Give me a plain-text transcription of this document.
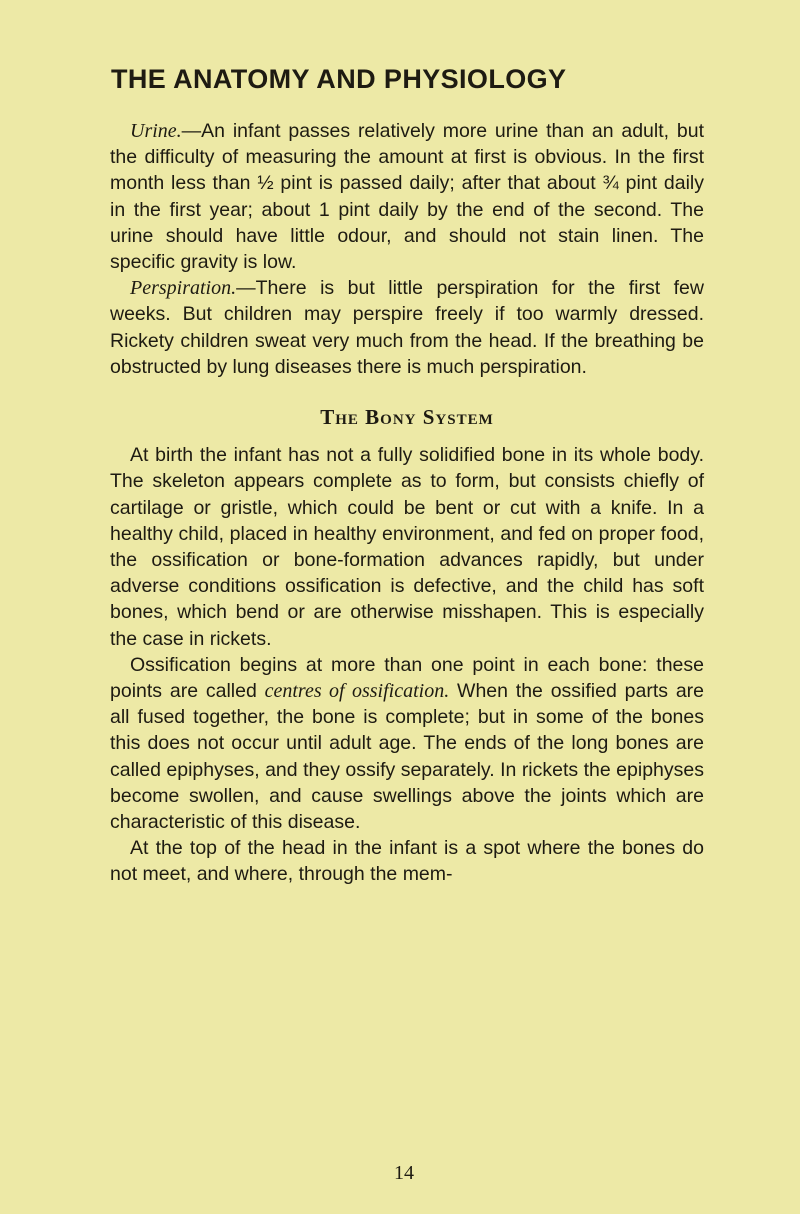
THE ANATOMY AND PHYSIOLOGY

Urine.—An infant passes relatively more urine than an adult, but the difficulty of measuring the amount at first is obvious. In the first month less than ½ pint is passed daily; after that about ¾ pint daily in the first year; about 1 pint daily by the end of the second. The urine should have little odour, and should not stain linen. The specific gravity is low.

Perspiration.—There is but little perspiration for the first few weeks. But children may perspire freely if too warmly dressed. Rickety children sweat very much from the head. If the breathing be obstructed by lung diseases there is much perspiration.

The Bony System

At birth the infant has not a fully solidified bone in its whole body. The skeleton appears complete as to form, but consists chiefly of cartilage or gristle, which could be bent or cut with a knife. In a healthy child, placed in healthy environment, and fed on proper food, the ossification or bone-formation advances rapidly, but under adverse conditions ossification is defective, and the child has soft bones, which bend or are otherwise misshapen. This is especially the case in rickets.

Ossification begins at more than one point in each bone: these points are called centres of ossification. When the ossified parts are all fused together, the bone is complete; but in some of the bones this does not occur until adult age. The ends of the long bones are called epiphyses, and they ossify separately. In rickets the epiphyses become swollen, and cause swellings above the joints which are characteristic of this disease.

At the top of the head in the infant is a spot where the bones do not meet, and where, through the mem-

14
